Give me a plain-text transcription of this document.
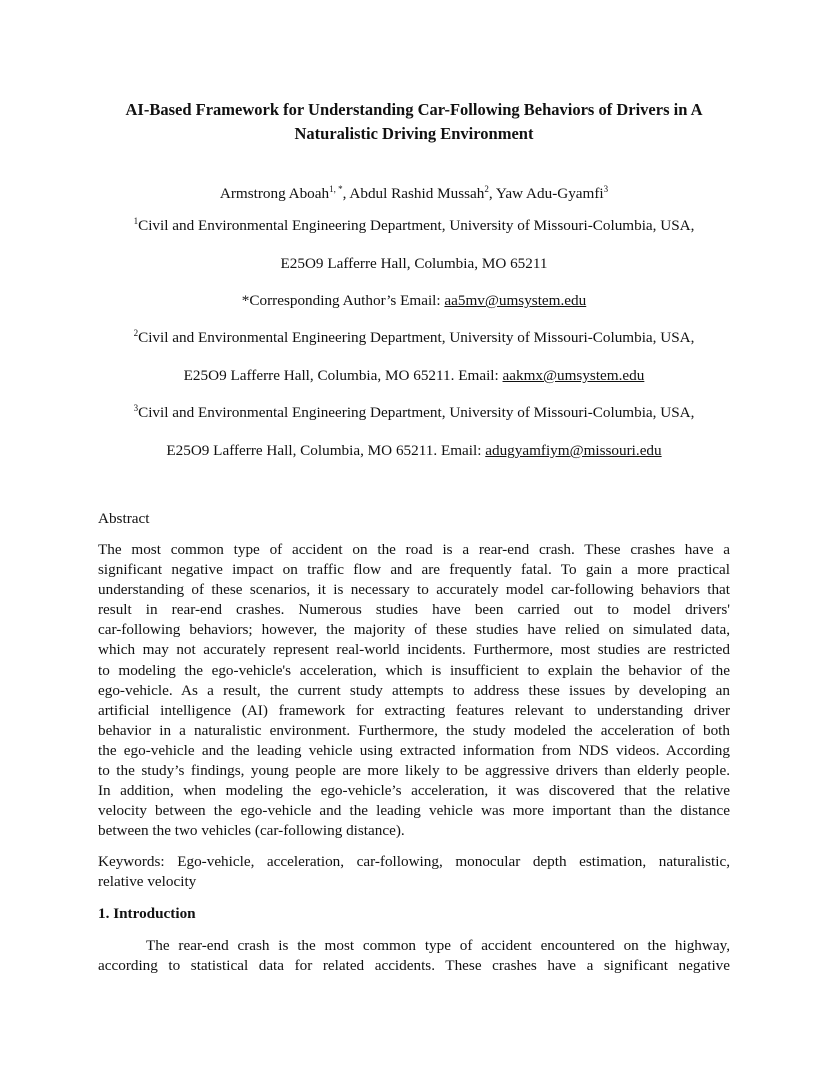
AI-Based Framework for Understanding Car-Following Behaviors of Drivers in A
Naturalistic Driving Environment
Armstrong Aboah$^{1, *}$, Abdul Rashid Mussah$^2$, Yaw Adu-Gyamfi$^3$
$^1$Civil and Environmental Engineering Department, University of Missouri-Columbia, USA,
E25O9 Lafferre Hall, Columbia, MO 65211
*Corresponding Author’s Email: aa5mv@umsystem.edu
$^2$Civil and Environmental Engineering Department, University of Missouri-Columbia, USA,
E25O9 Lafferre Hall, Columbia, MO 65211. Email: aakmx@umsystem.edu
$^3$Civil and Environmental Engineering Department, University of Missouri-Columbia, USA,
E25O9 Lafferre Hall, Columbia, MO 65211. Email: adugyamfiym@missouri.edu
Abstract
The most common type of accident on the road is a rear-end crash. These crashes have a
significant negative impact on traffic flow and are frequently fatal. To gain a more practical
understanding of these scenarios, it is necessary to accurately model car-following behaviors that
result in rear-end crashes. Numerous studies have been carried out to model drivers'
car-following behaviors; however, the majority of these studies have relied on simulated data,
which may not accurately represent real-world incidents. Furthermore, most studies are restricted
to modeling the ego-vehicle's acceleration, which is insufficient to explain the behavior of the
ego-vehicle. As a result, the current study attempts to address these issues by developing an
artificial intelligence (AI) framework for extracting features relevant to understanding driver
behavior in a naturalistic environment. Furthermore, the study modeled the acceleration of both
the ego-vehicle and the leading vehicle using extracted information from NDS videos. According
to the study’s findings, young people are more likely to be aggressive drivers than elderly people.
In addition, when modeling the ego-vehicle’s acceleration, it was discovered that the relative
velocity between the ego-vehicle and the leading vehicle was more important than the distance
between the two vehicles (car-following distance).
Keywords: Ego-vehicle, acceleration, car-following, monocular depth estimation, naturalistic,
relative velocity
1. Introduction
The rear-end crash is the most common type of accident encountered on the highway,
according to statistical data for related accidents. These crashes have a significant negative
